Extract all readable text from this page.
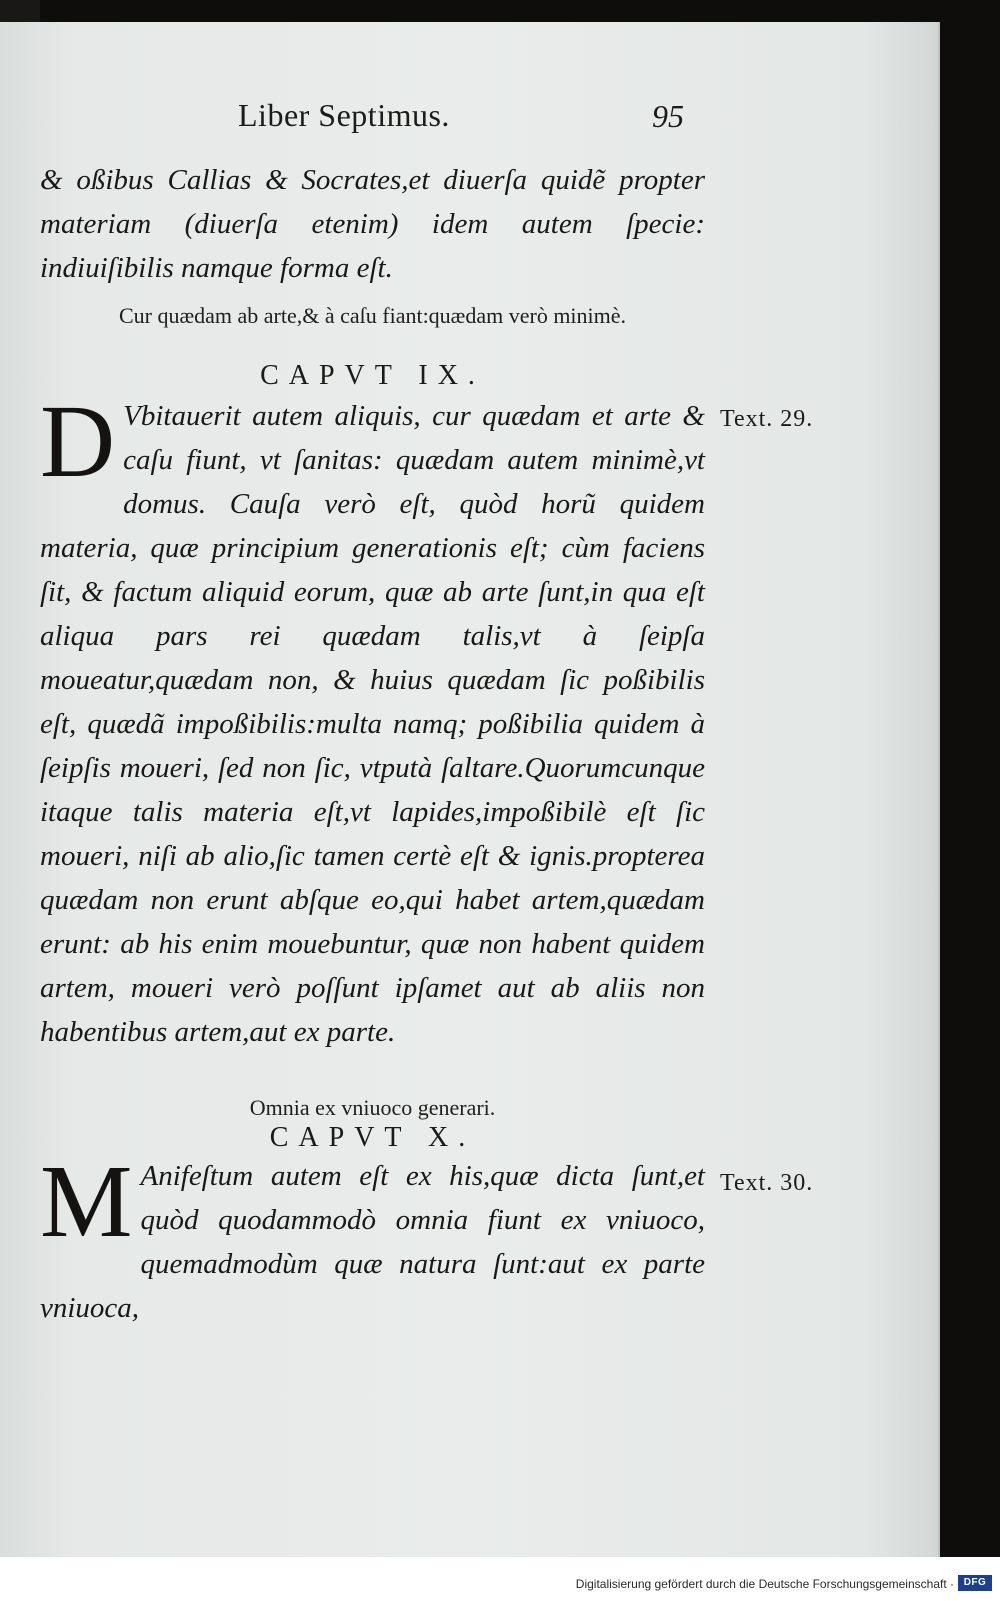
Liber Septimus.	95

& oßibus Callias & Socrates,et diuerſa quidẽ propter materiam (diuerſa etenim) idem autem ſpecie: indiuiſibilis namque forma eſt.

Cur quædam ab arte,& à caſu fiant:quædam verò minimè.
CAPVT IX.

D Vbitauerit autem aliquis, cur quædam et arte & caſu fiunt, vt ſanitas: quædam autem minimè,vt domus. Cauſa verò eſt, quòd horũ quidem materia, quæ principium generationis eſt; cùm faciens ſit, & factum aliquid eorum, quæ ab arte ſunt,in qua eſt aliqua pars rei quædam talis,vt à ſeipſa moueatur,quædam non, & huius quædam ſic poßibilis eſt, quædã impoßibilis:multa namq; poßibilia quidem à ſeipſis moueri, ſed non ſic, vtputà ſaltare.Quorumcunque itaque talis materia eſt,vt lapides,impoßibilè eſt ſic moueri, niſi ab alio,ſic tamen certè eſt & ignis.propterea quædam non erunt abſque eo,qui habet artem,quædam erunt: ab his enim mouebuntur, quæ non habent quidem artem, moueri verò poſſunt ipſamet aut ab aliis non habentibus artem,aut ex parte.

Text. 29.
Omnia ex vniuoco generari.
CAPVT X.

M Anifeſtum autem eſt ex his,quæ dicta ſunt,et quòd quodammodò omnia fiunt ex vniuoco, quemadmodùm quæ natura ſunt:aut ex parte vniuoca,

Text. 30.
Digitalisierung gefördert durch die Deutsche Forschungsgemeinschaft · DFG
